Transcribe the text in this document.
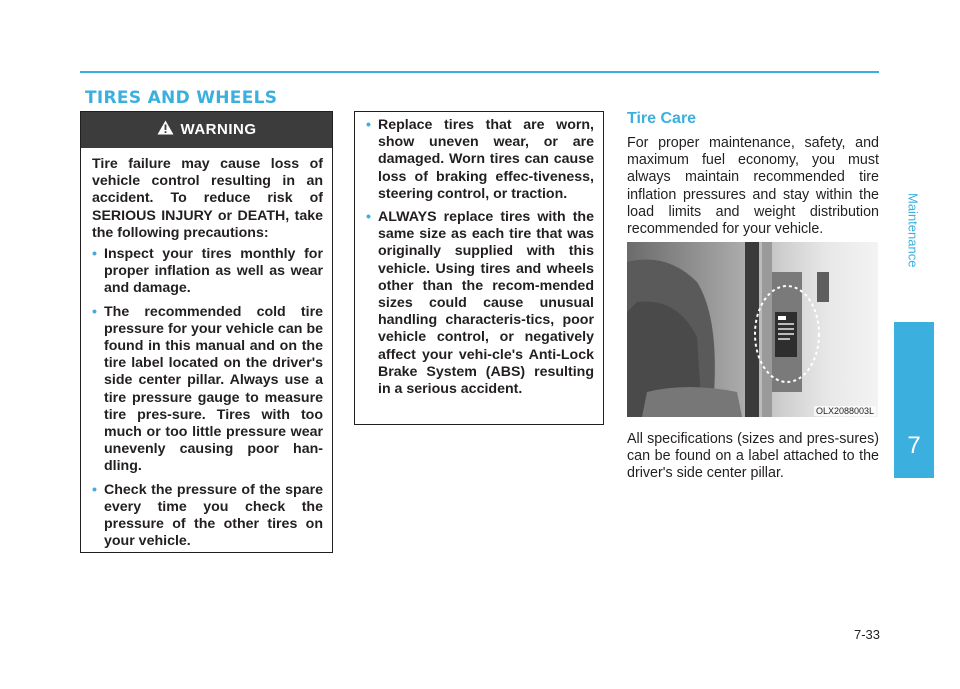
TIRES AND WHEELS
WARNING

Tire failure may cause loss of vehicle control resulting in an accident. To reduce risk of SERIOUS INJURY or DEATH, take the following precautions:

• Inspect your tires monthly for proper inflation as well as wear and damage.
• The recommended cold tire pressure for your vehicle can be found in this manual and on the tire label located on the driver's side center pillar. Always use a tire pressure gauge to measure tire pres-sure. Tires with too much or too little pressure wear unevenly causing poor han-dling.
• Check the pressure of the spare every time you check the pressure of the other tires on your vehicle.
• Replace tires that are worn, show uneven wear, or are damaged. Worn tires can cause loss of braking effec-tiveness, steering control, or traction.
• ALWAYS replace tires with the same size as each tire that was originally supplied with this vehicle. Using tires and wheels other than the recom-mended sizes could cause unusual handling characteris-tics, poor vehicle control, or negatively affect your vehi-cle's Anti-Lock Brake System (ABS) resulting in a serious accident.
Tire Care

For proper maintenance, safety, and maximum fuel economy, you must always maintain recommended tire inflation pressures and stay within the load limits and weight distribution recommended for your vehicle.

OLX2088003L

All specifications (sizes and pres-sures) can be found on a label attached to the driver's side center pillar.

Maintenance
7
7-33
